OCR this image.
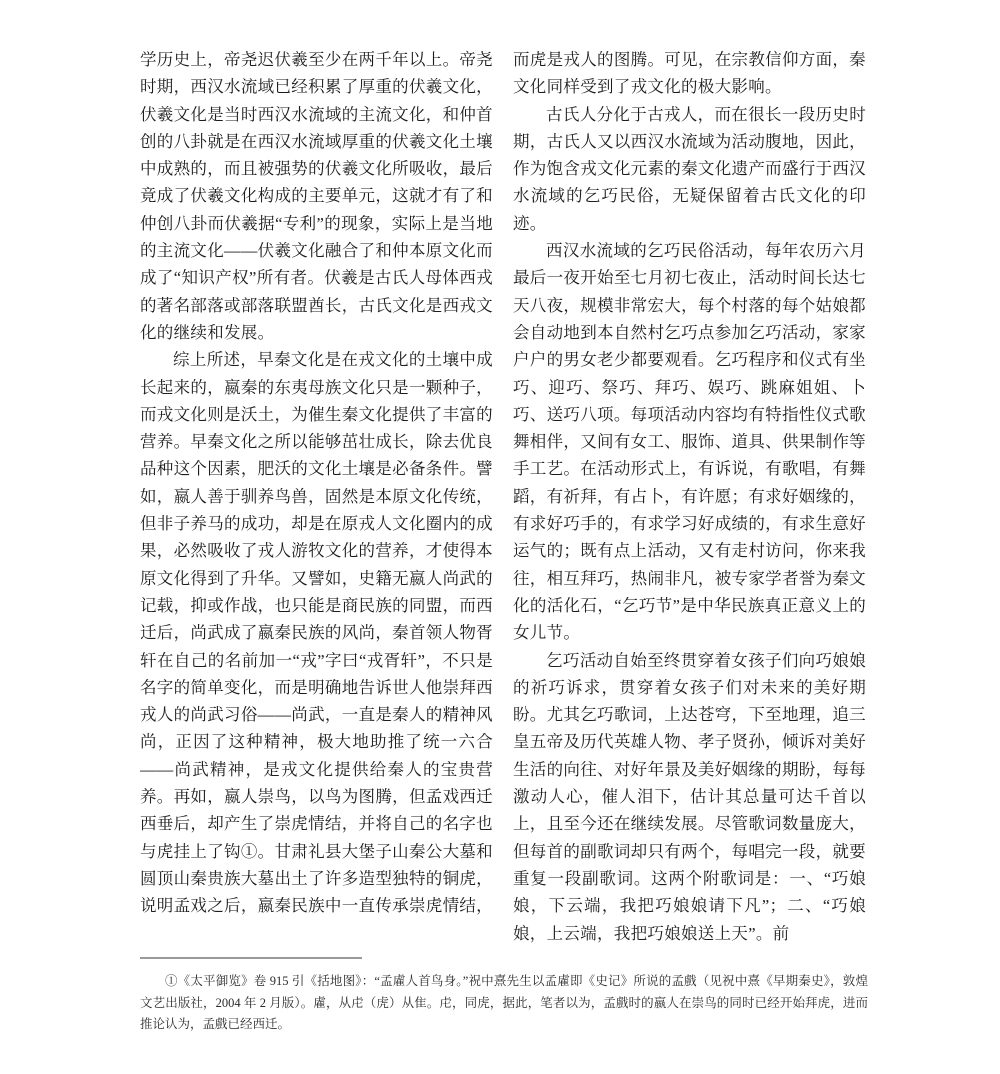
学历史上，帝尧迟伏羲至少在两千年以上。帝尧时期，西汉水流域已经积累了厚重的伏羲文化，伏羲文化是当时西汉水流域的主流文化，和仲首创的八卦就是在西汉水流域厚重的伏羲文化土壤中成熟的，而且被强势的伏羲文化所吸收，最后竟成了伏羲文化构成的主要单元，这就才有了和仲创八卦而伏羲据“专利”的现象，实际上是当地的主流文化——伏羲文化融合了和仲本原文化而成了“知识产权”所有者。伏羲是古氏人母体西戎的著名部落或部落联盟酋长，古氏文化是西戎文化的继续和发展。

综上所述，早秦文化是在戎文化的土壤中成长起来的，嬴秦的东夷母族文化只是一颗种子，而戎文化则是沃土，为催生秦文化提供了丰富的营养。早秦文化之所以能够茁壮成长，除去优良品种这个因素，肥沃的文化土壤是必备条件。譬如，嬴人善于驯养鸟兽，固然是本原文化传统，但非子养马的成功，却是在原戎人文化圈内的成果，必然吸收了戎人游牧文化的营养，才使得本原文化得到了升华。又譬如，史籍无嬴人尚武的记载，抑或作战，也只能是商民族的同盟，而西迁后，尚武成了嬴秦民族的风尚，秦首领人物胥轩在自己的名前加一“戎”字曰“戎胥轩”，不只是名字的简单变化，而是明确地告诉世人他崇拜西戎人的尚武习俗——尚武，一直是秦人的精神风尚，正因了这种精神，极大地助推了统一六合——尚武精神，是戎文化提供给秦人的宝贵营养。再如，嬴人崇鸟，以鸟为图腾，但孟戏西迁西垂后，却产生了崇虎情结，并将自己的名字也与虎挂上了钩①。甘肃礼县大堡子山秦公大墓和圆顶山秦贵族大墓出土了许多造型独特的铜虎，说明孟戏之后，嬴秦民族中一直传承崇虎情结，而虎是戎人的图腾。可见，在宗教信仰方面，秦文化同样受到了戎文化的极大影响。

古氏人分化于古戎人，而在很长一段历史时期，古氏人又以西汉水流域为活动腹地，因此，作为饱含戎文化元素的秦文化遗产而盛行于西汉水流域的乞巧民俗，无疑保留着古氏文化的印迹。

西汉水流域的乞巧民俗活动，每年农历六月最后一夜开始至七月初七夜止，活动时间长达七天八夜，规模非常宏大，每个村落的每个姑娘都会自动地到本自然村乞巧点参加乞巧活动，家家户户的男女老少都要观看。乞巧程序和仪式有坐巧、迎巧、祭巧、拜巧、娱巧、跳麻姐姐、卜巧、送巧八项。每项活动内容均有特指性仪式歌舞相伴，又间有女工、服饰、道具、供果制作等手工艺。在活动形式上，有诉说，有歌唱，有舞蹈，有祈拜，有占卜，有许愿；有求好姻缘的，有求好巧手的，有求学习好成绩的，有求生意好运气的；既有点上活动，又有走村访问，你来我往，相互拜巧，热闹非凡，被专家学者誉为秦文化的活化石，“乞巧节”是中华民族真正意义上的女儿节。

乞巧活动自始至终贯穿着女孩子们向巧娘娘的祈巧诉求，贯穿着女孩子们对未来的美好期盼。尤其乞巧歌词，上达苍穹，下至地理，追三皇五帝及历代英雄人物、孝子贤孙，倾诉对美好生活的向往、对好年景及美好姻缘的期盼，每每激动人心，催人泪下，估计其总量可达千首以上，且至今还在继续发展。尽管歌词数量庞大，但每首的副歌词却只有两个，每唱完一段，就要重复一段副歌词。这两个附歌词是：一、“巧娘娘，下云端，我把巧娘娘请下凡”；二、“巧娘娘，上云端，我把巧娘娘送上天”。前

①《太平御览》卷 915 引《括地图》：“孟雐人首鸟身。”祝中熹先生以孟雐即《史记》所说的孟戲（见祝中熹《早期秦史》，敦煌文艺出版社，2004 年 2 月版）。雐，从虍（虎）从隹。虍，同虎，据此，笔者以为，孟戲时的嬴人在崇鸟的同时已经开始拜虎，进而推论认为，孟戲已经西迁。
